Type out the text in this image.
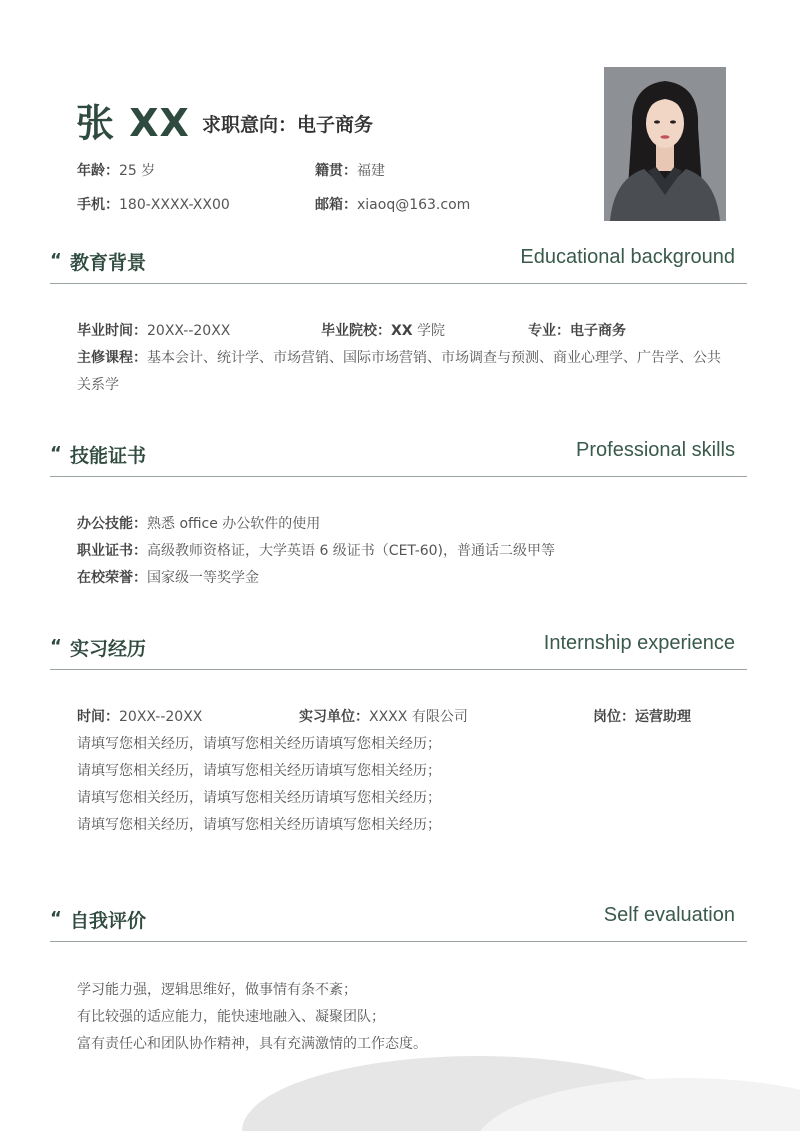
张 XX 求职意向：电子商务
年龄：25 岁	籍贯：福建
手机：180-XXXX-XX00	邮箱：xiaoq@163.com
“ 教育背景	Educational background
毕业时间：20XX--20XX	毕业院校：XX 学院	专业：电子商务
主修课程：基本会计、统计学、市场营销、国际市场营销、市场调查与预测、商业心理学、广告学、公共
关系学
“ 技能证书	Professional skills
办公技能：熟悉 office 办公软件的使用
职业证书：高级教师资格证，大学英语 6 级证书（CET-60)，普通话二级甲等
在校荣誉：国家级一等奖学金
“ 实习经历	Internship experience
时间：20XX--20XX	实习单位：XXXX 有限公司	岗位：运营助理
请填写您相关经历，请填写您相关经历请填写您相关经历；
请填写您相关经历，请填写您相关经历请填写您相关经历；
请填写您相关经历，请填写您相关经历请填写您相关经历；
请填写您相关经历，请填写您相关经历请填写您相关经历；
“ 自我评价	Self evaluation
学习能力强，逻辑思维好，做事情有条不紊；
有比较强的适应能力，能快速地融入、凝聚团队；
富有责任心和团队协作精神，具有充满激情的工作态度。
